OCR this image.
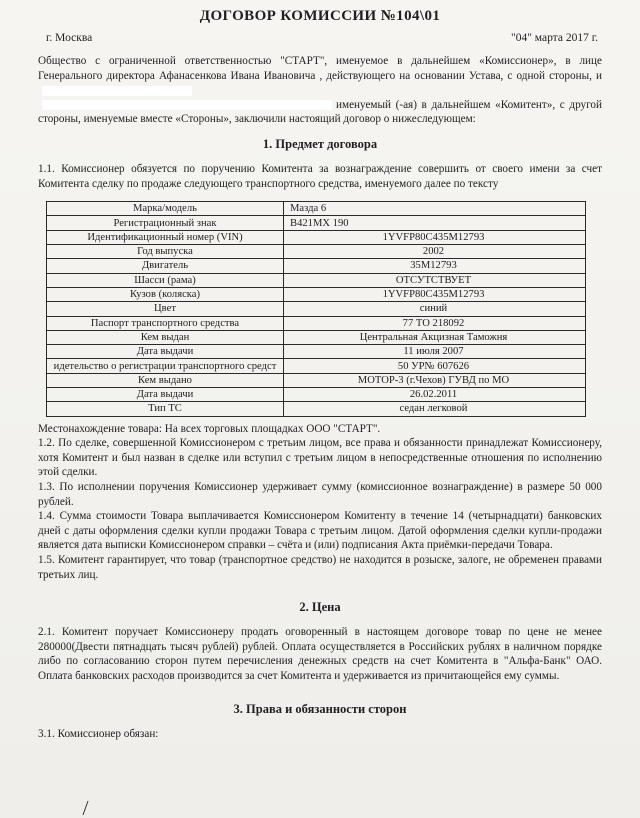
ДОГОВОР КОМИССИИ №104\01
г. Москва	"04" марта 2017 г.

Общество с ограниченной ответственностью "СТАРТ", именуемое в дальнейшем «Комиссионер», в лице Генерального директора Афанасенкова Ивана Ивановича , действующего на основании Устава, с одной стороны, и
именуемый (-ая) в дальнейшем «Комитент», с другой стороны, именуемые вместе «Стороны», заключили настоящий договор о нижеследующем:

1. Предмет договора

1.1. Комиссионер обязуется по поручению Комитента за вознаграждение совершить от своего имени за счет Комитента сделку по продаже следующего транспортного средства, именуемого далее по тексту

Марка/модель	Мазда 6
Регистрационный знак	В421МХ 190
Идентификационный номер (VIN)	1YVFP80C435M12793
Год выпуска	2002
Двигатель	35М12793
Шасси (рама)	ОТСУТСТВУЕТ
Кузов (коляска)	1YVFP80C435M12793
Цвет	синий
Паспорт транспортного средства	77 ТО 218092
Кем выдан	Центральная Акцизная Таможня
Дата выдачи	11 июля 2007
идетельство о регистрации транспортного средст	50 УР№ 607626
Кем выдано	МОТОР-3 (г.Чехов) ГУВД по МО
Дата выдачи	26.02.2011
Тип ТС	седан легковой

Местонахождение товара: На всех торговых площадках ООО "СТАРТ".

1.2. По сделке, совершенной Комиссионером с третьим лицом, все права и обязанности принадлежат Комиссионеру, хотя Комитент и был назван в сделке или вступил с третьим лицом в непосредственные отношения по исполнению этой сделки.

1.3. По исполнении поручения Комиссионер удерживает сумму (комиссионное вознаграждение) в размере 50 000 рублей.

1.4. Сумма стоимости Товара выплачивается Комиссионером Комитенту в течение 14 (четырнадцати) банковских дней с даты оформления сделки купли продажи Товара с третьим лицом. Датой оформления сделки купли-продажи является дата выписки Комиссионером справки – счёта и (или) подписания Акта приёмки-передачи Товара.

1.5. Комитент гарантирует, что товар (транспортное средство) не находится в розыске, залоге, не обременен правами третьих лиц.

2. Цена

2.1. Комитент поручает Комиссионеру продать оговоренный в настоящем договоре товар по цене не менее 280000(Двести пятнадцать тысяч рублей) рублей. Оплата осуществляется в Российских рублях в наличном порядке либо по согласованию сторон путем перечисления денежных средств на счет Комитента в "Альфа-Банк" ОАО. Оплата банковских расходов производится за счет Комитента и удерживается из причитающейся ему суммы.

3. Права и обязанности сторон

3.1. Комиссионер обязан:
